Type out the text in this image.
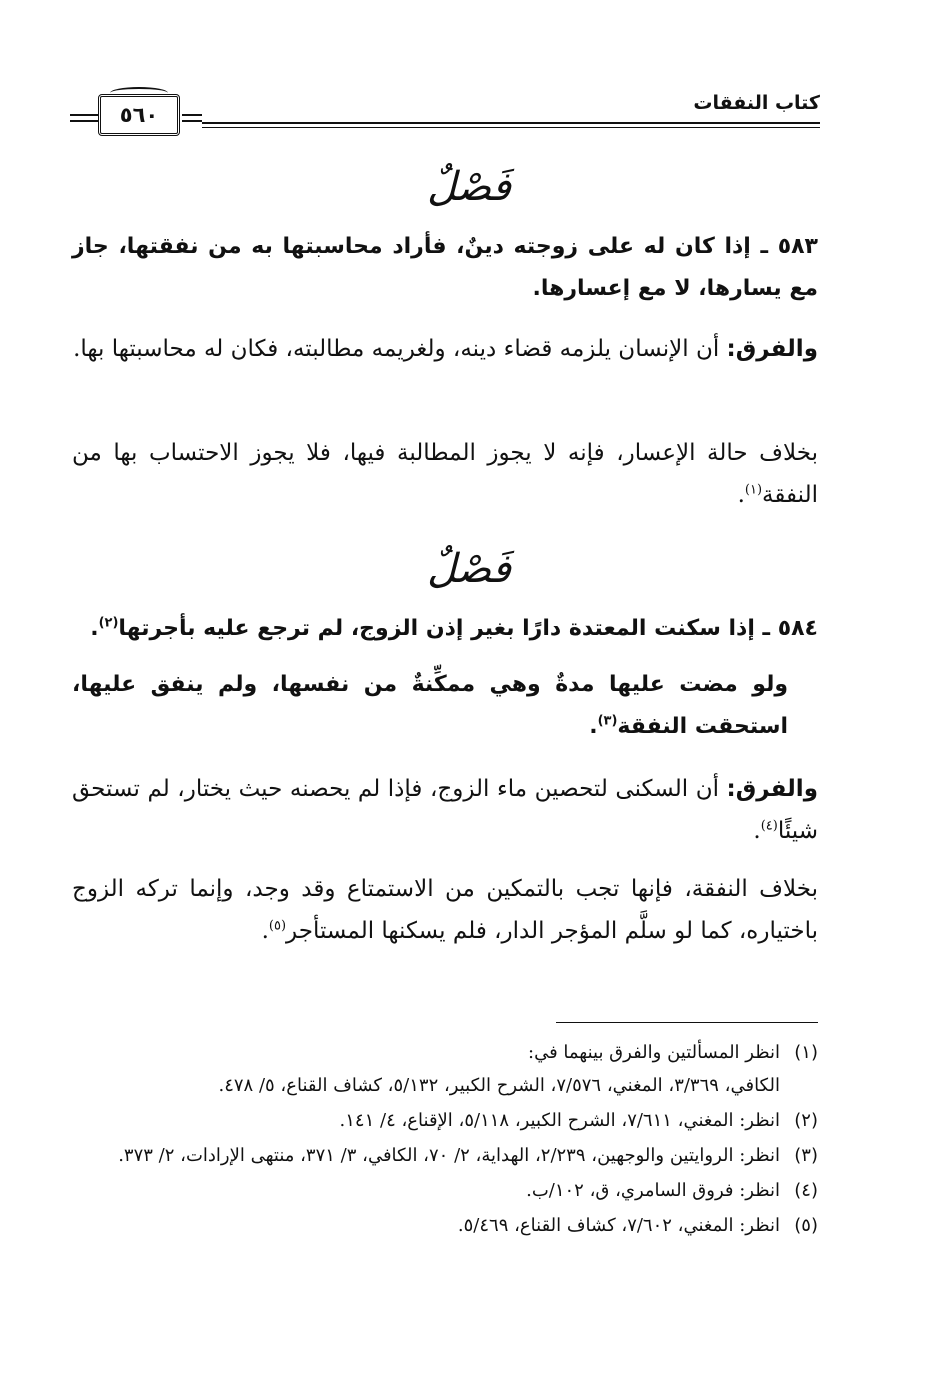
كتاب النفقات
٥٦٠
فَصْلٌ
٥٨٣ ـ إذا كان له على زوجته دينٌ، فأراد محاسبتها به من نفقتها، جاز مع يسارها، لا مع إعسارها.
والفرق: أن الإنسان يلزمه قضاء دينه، ولغريمه مطالبته، فكان له محاسبتها بها.
بخلاف حالة الإعسار، فإنه لا يجوز المطالبة فيها، فلا يجوز الاحتساب بها من النفقة$^{(١)}$.
فَصْلٌ
٥٨٤ ـ إذا سكنت المعتدة دارًا بغير إذن الزوج، لم ترجع عليه بأجرتها$^{(٢)}$.
ولو مضت عليها مدةٌ وهي ممكِّنةٌ من نفسها، ولم ينفق عليها، استحقت النفقة$^{(٣)}$.
والفرق: أن السكنى لتحصين ماء الزوج، فإذا لم يحصنه حيث يختار، لم تستحق شيئًا$^{(٤)}$.
بخلاف النفقة، فإنها تجب بالتمكين من الاستمتاع وقد وجد، وإنما تركه الزوج باختياره، كما لو سلَّم المؤجر الدار، فلم يسكنها المستأجر$^{(٥)}$.
(١)
انظر المسألتين والفرق بينهما في:
الكافي، ٣/٣٦٩، المغني، ٧/٥٧٦، الشرح الكبير، ٥/١٣٢، كشاف القناع، ٥/ ٤٧٨.
(٢)
انظر: المغني، ٧/٦١١، الشرح الكبير، ٥/١١٨، الإقناع، ٤/ ١٤١.
(٣)
انظر: الروايتين والوجهين، ٢/٢٣٩، الهداية، ٢/ ٧٠، الكافي، ٣/ ٣٧١، منتهى الإرادات، ٢/ ٣٧٣.
(٤)
انظر: فروق السامري، ق، ١٠٢/ب.
(٥)
انظر: المغني، ٧/٦٠٢، كشاف القناع، ٥/٤٦٩.
